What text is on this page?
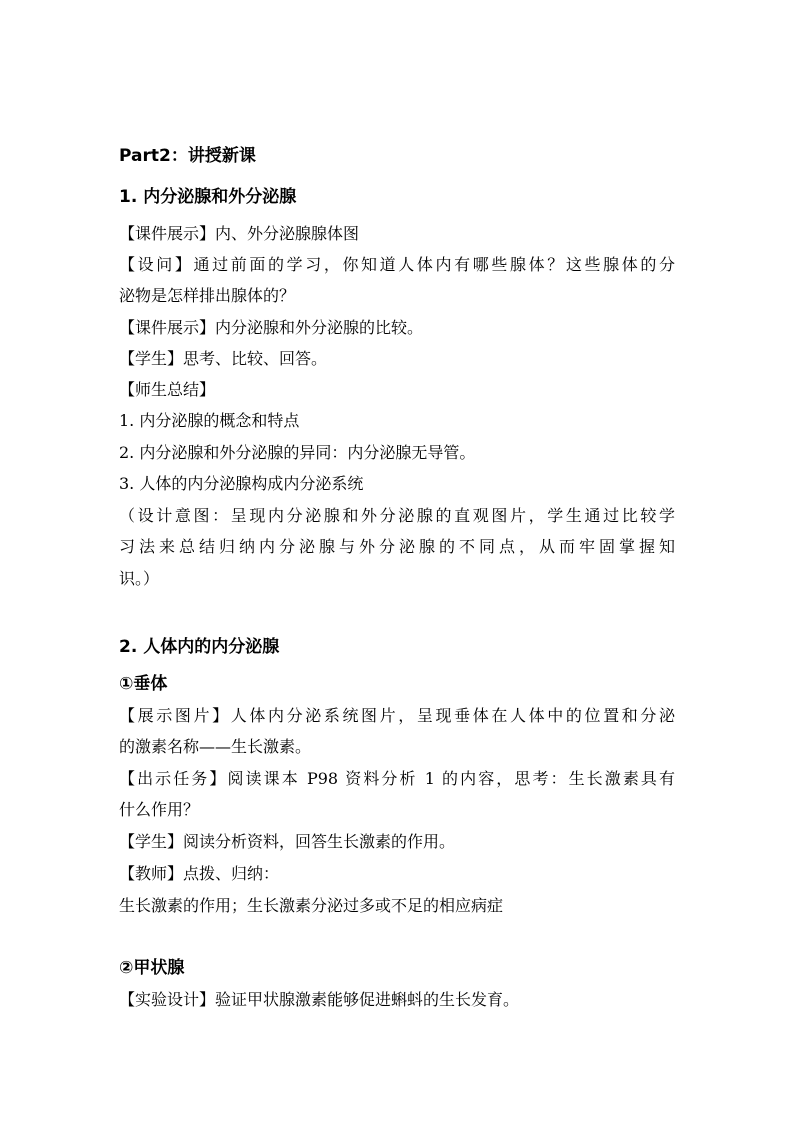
Part2：讲授新课
1. 内分泌腺和外分泌腺
【课件展示】内、外分泌腺腺体图
【设问】通过前面的学习，你知道人体内有哪些腺体？这些腺体的分
泌物是怎样排出腺体的？
【课件展示】内分泌腺和外分泌腺的比较。
【学生】思考、比较、回答。
【师生总结】
1. 内分泌腺的概念和特点
2. 内分泌腺和外分泌腺的异同：内分泌腺无导管。
3. 人体的内分泌腺构成内分泌系统
（设计意图：呈现内分泌腺和外分泌腺的直观图片，学生通过比较学
习法来总结归纳内分泌腺与外分泌腺的不同点，从而牢固掌握知
识。）
2. 人体内的内分泌腺
①垂体
【展示图片】人体内分泌系统图片，呈现垂体在人体中的位置和分泌
的激素名称——生长激素。
【出示任务】阅读课本 P98 资料分析 1 的内容，思考：生长激素具有
什么作用？
【学生】阅读分析资料，回答生长激素的作用。
【教师】点拨、归纳：
生长激素的作用；生长激素分泌过多或不足的相应病症
②甲状腺
【实验设计】验证甲状腺激素能够促进蝌蚪的生长发育。
